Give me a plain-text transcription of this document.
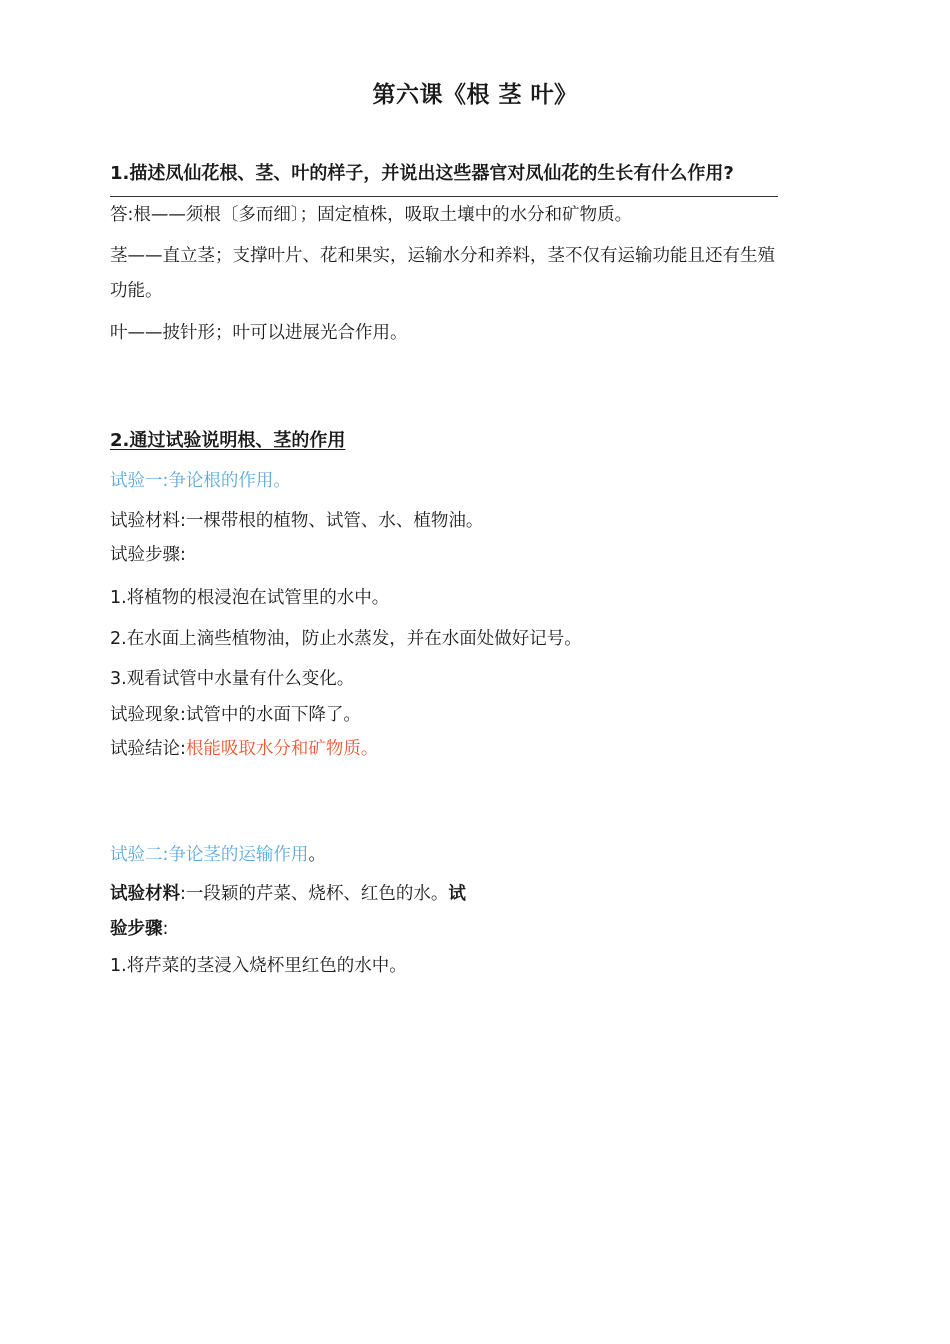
第六课《根 茎 叶》
1.描述凤仙花根、茎、叶的样子，并说出这些器官对凤仙花的生长有什么作用?
答:根——须根〔多而细〕；固定植株，吸取土壤中的水分和矿物质。
茎——直立茎；支撑叶片、花和果实，运输水分和养料，茎不仅有运输功能且还有生殖
功能。
叶——披针形；叶可以进展光合作用。
2.通过试验说明根、茎的作用
试验一:争论根的作用。
试验材料:一棵带根的植物、试管、水、植物油。
试验步骤:
1.将植物的根浸泡在试管里的水中。
2.在水面上滴些植物油，防止水蒸发，并在水面处做好记号。
3.观看试管中水量有什么变化。
试验现象:试管中的水面下降了。
试验结论:根能吸取水分和矿物质。
试验二:争论茎的运输作用。
试验材料:一段颖的芹菜、烧杯、红色的水。试
验步骤:
1.将芹菜的茎浸入烧杯里红色的水中。
